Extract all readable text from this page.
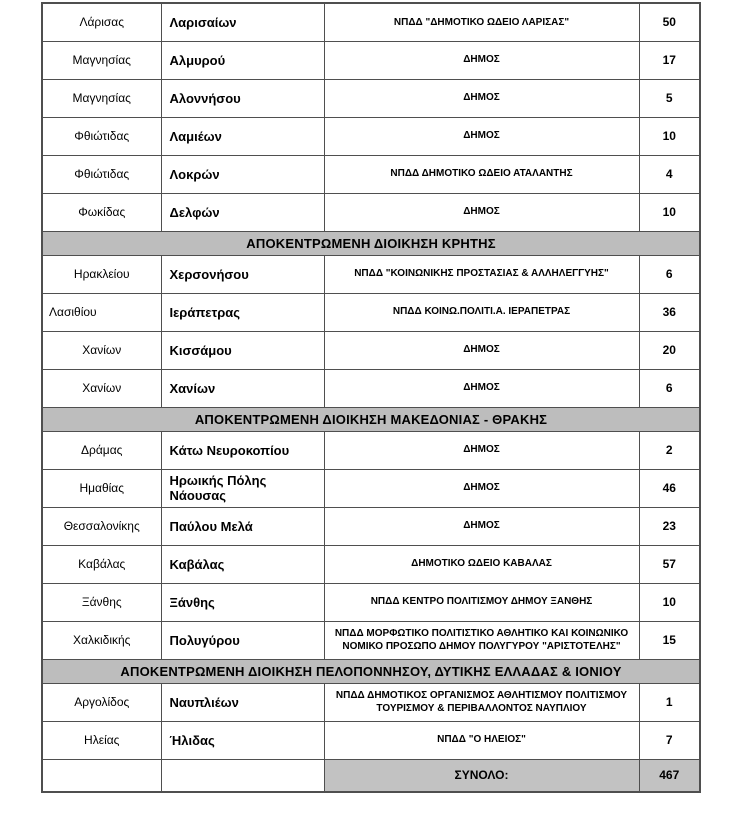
Λάρισας	Λαρισαίων	ΝΠΔΔ "ΔΗΜΟΤΙΚΟ ΩΔΕΙΟ ΛΑΡΙΣΑΣ"	50
Μαγνησίας	Αλμυρού	ΔΗΜΟΣ	17
Μαγνησίας	Αλοννήσου	ΔΗΜΟΣ	5
Φθιώτιδας	Λαμιέων	ΔΗΜΟΣ	10
Φθιώτιδας	Λοκρών	ΝΠΔΔ ΔΗΜΟΤΙΚΟ ΩΔΕΙΟ ΑΤΑΛΑΝΤΗΣ	4
Φωκίδας	Δελφών	ΔΗΜΟΣ	10
ΑΠΟΚΕΝΤΡΩΜΕΝΗ ΔΙΟΙΚΗΣΗ ΚΡΗΤΗΣ			
Ηρακλείου	Χερσονήσου	ΝΠΔΔ "ΚΟΙΝΩΝΙΚΗΣ ΠΡΟΣΤΑΣΙΑΣ & ΑΛΛΗΛΕΓΓΥΗΣ"	6
Λασιθίου	Ιεράπετρας	ΝΠΔΔ ΚΟΙΝΩ.ΠΟΛΙΤΙ.Α. ΙΕΡΑΠΕΤΡΑΣ	36
Χανίων	Κισσάμου	ΔΗΜΟΣ	20
Χανίων	Χανίων	ΔΗΜΟΣ	6
ΑΠΟΚΕΝΤΡΩΜΕΝΗ ΔΙΟΙΚΗΣΗ ΜΑΚΕΔΟΝΙΑΣ - ΘΡΑΚΗΣ			
Δράμας	Κάτω Νευροκοπίου	ΔΗΜΟΣ	2
Ημαθίας	Ηρωικής Πόλης Νάουσας	ΔΗΜΟΣ	46
Θεσσαλονίκης	Παύλου Μελά	ΔΗΜΟΣ	23
Καβάλας	Καβάλας	ΔΗΜΟΤΙΚΟ ΩΔΕΙΟ ΚΑΒΑΛΑΣ	57
Ξάνθης	Ξάνθης	ΝΠΔΔ ΚΕΝΤΡΟ ΠΟΛΙΤΙΣΜΟΥ ΔΗΜΟΥ ΞΑΝΘΗΣ	10
Χαλκιδικής	Πολυγύρου	ΝΠΔΔ ΜΟΡΦΩΤΙΚΟ ΠΟΛΙΤΙΣΤΙΚΟ ΑΘΛΗΤΙΚΟ ΚΑΙ ΚΟΙΝΩΝΙΚΟ ΝΟΜΙΚΟ ΠΡΟΣΩΠΟ ΔΗΜΟΥ ΠΟΛΥΓΥΡΟΥ "ΑΡΙΣΤΟΤΕΛΗΣ"	15
ΑΠΟΚΕΝΤΡΩΜΕΝΗ ΔΙΟΙΚΗΣΗ ΠΕΛΟΠΟΝΝΗΣΟΥ, ΔΥΤΙΚΗΣ ΕΛΛΑΔΑΣ & ΙΟΝΙΟΥ			
Αργολίδος	Ναυπλιέων	ΝΠΔΔ ΔΗΜΟΤΙΚΟΣ ΟΡΓΑΝΙΣΜΟΣ ΑΘΛΗΤΙΣΜΟΥ ΠΟΛΙΤΙΣΜΟΥ ΤΟΥΡΙΣΜΟΥ & ΠΕΡΙΒΑΛΛΟΝΤΟΣ ΝΑΥΠΛΙΟΥ	1
Ηλείας	Ήλιδας	ΝΠΔΔ "Ο ΗΛΕΙΟΣ"	7
		ΣΥΝΟΛΟ:	467
